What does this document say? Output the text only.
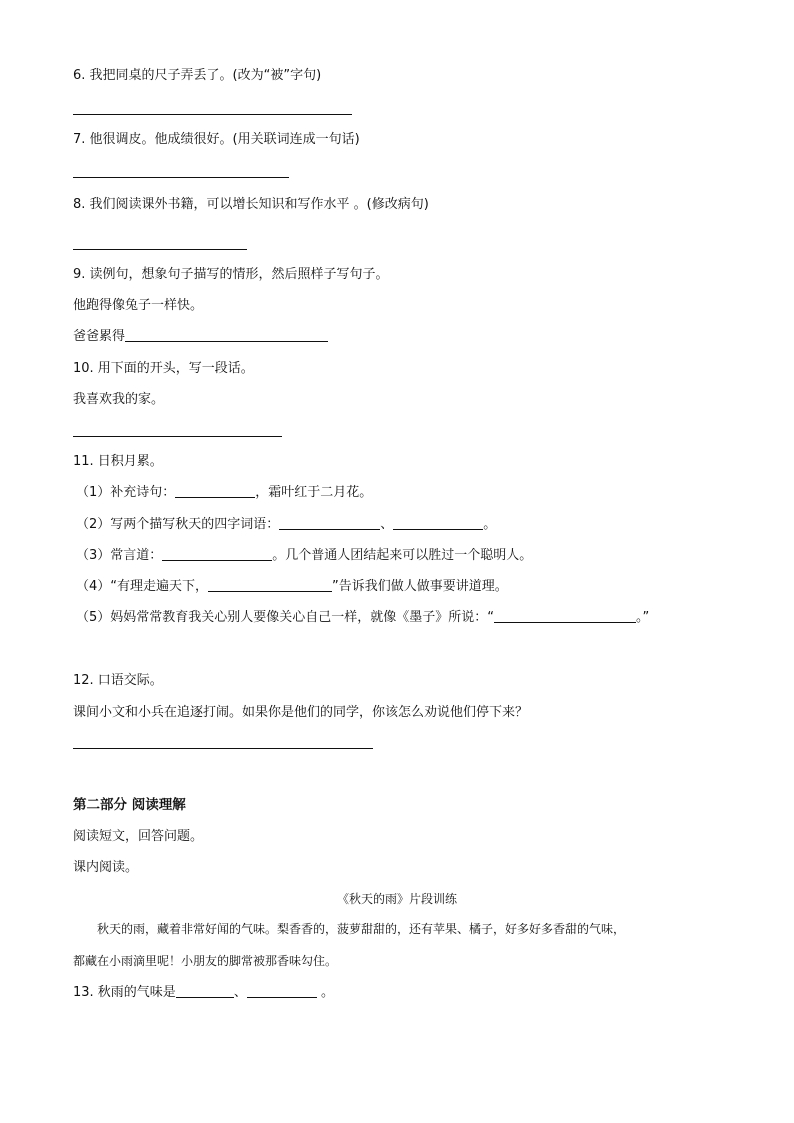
6. 我把同桌的尺子弄丢了。(改为“被”字句)
7. 他很调皮。他成绩很好。(用关联词连成一句话)
8. 我们阅读课外书籍，可以增长知识和写作水平 。(修改病句)
9. 读例句，想象句子描写的情形，然后照样子写句子。
他跑得像兔子一样快。
爸爸累得
10. 用下面的开头，写一段话。
我喜欢我的家。
11. 日积月累。
（1）补充诗句：	，霜叶红于二月花。
（2）写两个描写秋天的四字词语：	、	。
（3）常言道：	。几个普通人团结起来可以胜过一个聪明人。
（4）“有理走遍天下，	”告诉我们做人做事要讲道理。
（5）妈妈常常教育我关心别人要像关心自己一样，就像《墨子》所说：“	。”
12. 口语交际。
课间小文和小兵在追逐打闹。如果你是他们的同学，你该怎么劝说他们停下来？
第二部分 阅读理解
阅读短文，回答问题。
课内阅读。
《秋天的雨》片段训练
秋天的雨，藏着非常好闻的气味。梨香香的，菠萝甜甜的，还有苹果、橘子，好多好多香甜的气味，
都藏在小雨滴里呢！小朋友的脚常被那香味勾住。
13. 秋雨的气味是	、	。
